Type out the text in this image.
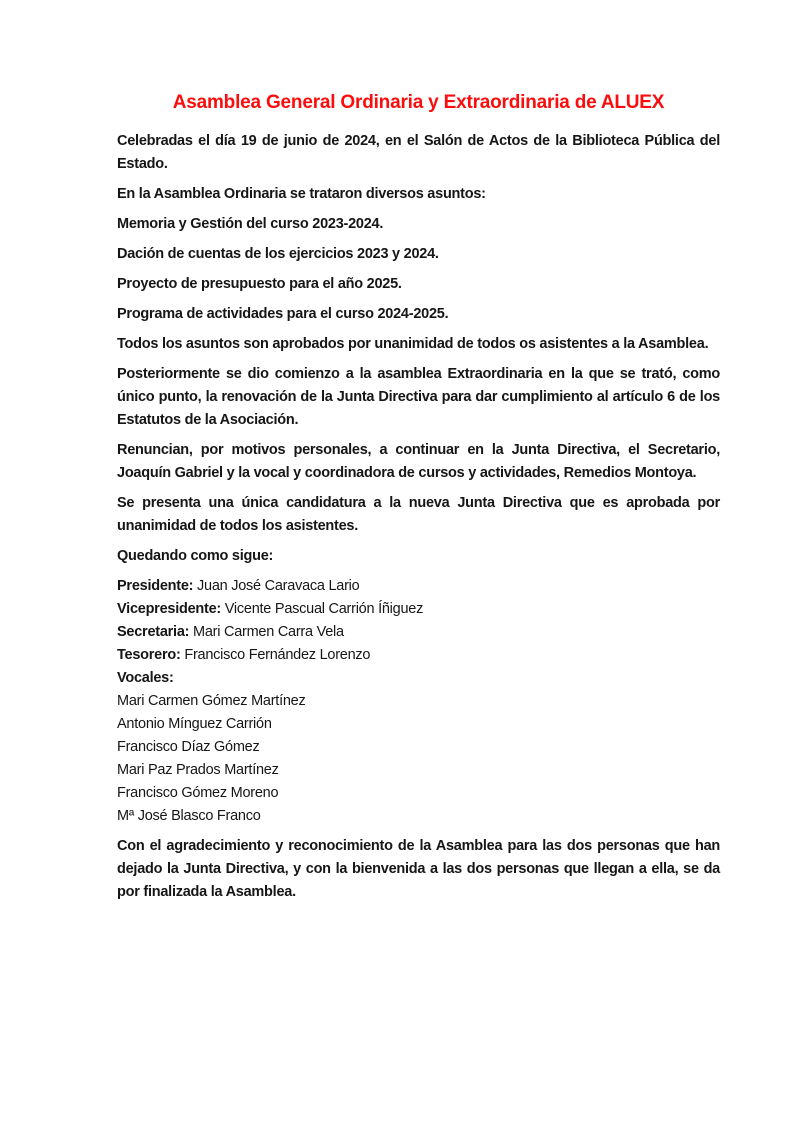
Asamblea General Ordinaria y Extraordinaria de ALUEX

Celebradas el día 19 de junio de 2024, en el Salón de Actos de la Biblioteca Pública del Estado.

En la Asamblea Ordinaria se trataron diversos asuntos:

Memoria y Gestión del curso 2023-2024.

Dación de cuentas de los ejercicios 2023 y 2024.

Proyecto de presupuesto para el año 2025.

Programa de actividades para el curso 2024-2025.

Todos los asuntos son aprobados por unanimidad de todos os asistentes a la Asamblea.

Posteriormente se dio comienzo a la asamblea Extraordinaria en la que se trató, como único punto, la renovación de la Junta Directiva para dar cumplimiento al artículo 6 de los Estatutos de la Asociación.

Renuncian, por motivos personales, a continuar en la Junta Directiva, el Secretario, Joaquín Gabriel y la vocal y coordinadora de cursos y actividades, Remedios Montoya.

Se presenta una única candidatura a la nueva Junta Directiva que es aprobada por unanimidad de todos los asistentes.

Quedando como sigue:

Presidente: Juan José Caravaca Lario
Vicepresidente: Vicente Pascual Carrión Íñiguez
Secretaria: Mari Carmen Carra Vela
Tesorero: Francisco Fernández Lorenzo
Vocales:
Mari Carmen Gómez Martínez
Antonio Mínguez Carrión
Francisco Díaz Gómez
Mari Paz Prados Martínez
Francisco Gómez Moreno
Mª José Blasco Franco

Con el agradecimiento y reconocimiento de la Asamblea para las dos personas que han dejado la Junta Directiva, y con la bienvenida a las dos personas que llegan a ella, se da por finalizada la Asamblea.
